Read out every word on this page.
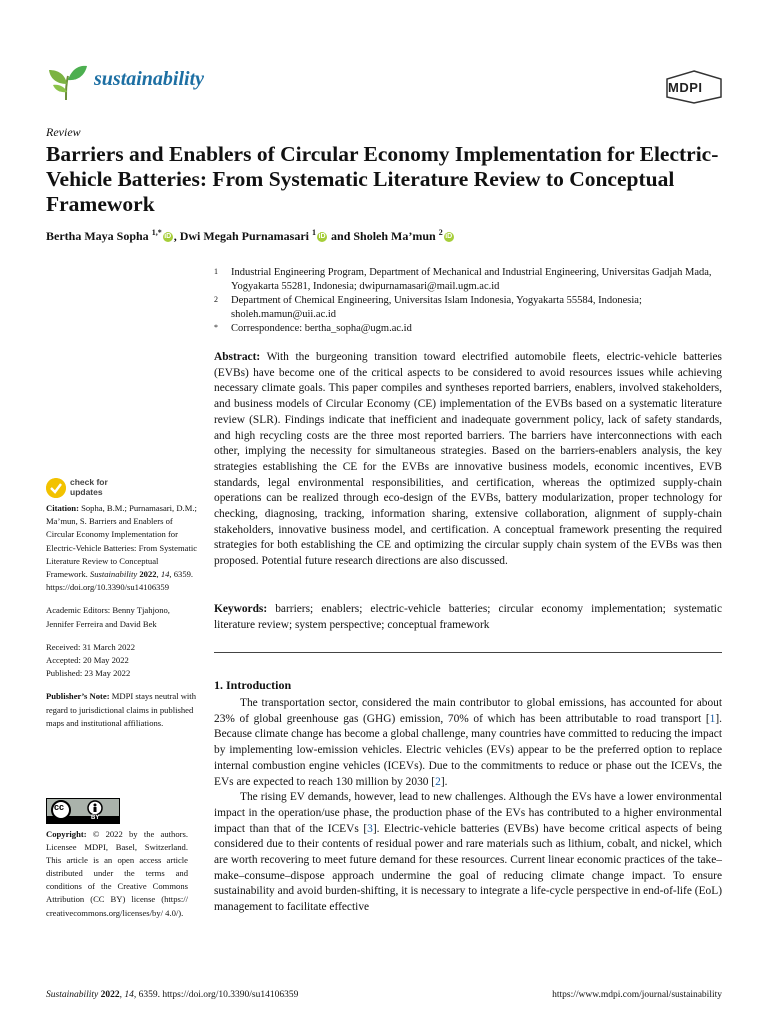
sustainability	MDPI
Review
Barriers and Enablers of Circular Economy Implementation for Electric-Vehicle Batteries: From Systematic Literature Review to Conceptual Framework
Bertha Maya Sopha $^{1,*}$ iD , Dwi Megah Purnamasari $^1$ iD and Sholeh Ma’mun $^2$ iD
1 Industrial Engineering Program, Department of Mechanical and Industrial Engineering, Universitas Gadjah Mada, Yogyakarta 55281, Indonesia; dwipurnamasari@mail.ugm.ac.id
2 Department of Chemical Engineering, Universitas Islam Indonesia, Yogyakarta 55584, Indonesia; sholeh.mamun@uii.ac.id
* Correspondence: bertha_sopha@ugm.ac.id
Abstract: With the burgeoning transition toward electrified automobile fleets, electric-vehicle batteries (EVBs) have become one of the critical aspects to be considered to avoid resources issues while achieving necessary climate goals. This paper compiles and syntheses reported barriers, enablers, involved stakeholders, and business models of Circular Economy (CE) implementation of the EVBs based on a systematic literature review (SLR). Findings indicate that inefficient and inadequate government policy, lack of safety standards, and high recycling costs are the three most reported barriers. The barriers have interconnections with each other, implying the necessity for simultaneous strategies. Based on the barriers-enablers analysis, the key strategies establishing the CE for the EVBs are innovative business models, economic incentives, EVB standards, legal environmental responsibilities, and certification, whereas the optimized supply-chain operations can be realized through eco-design of the EVBs, battery modularization, proper technology for checking, diagnosing, tracking, information sharing, extensive collaboration, alignment of supply-chain stakeholders, innovative business model, and certification. A conceptual framework presenting the required strategies for both establishing the CE and optimizing the circular supply chain system of the EVBs was then proposed. Potential future research directions are also discussed.
Keywords: barriers; enablers; electric-vehicle batteries; circular economy implementation; systematic literature review; system perspective; conceptual framework
check for
updates
Citation: Sopha, B.M.; Purnamasari, D.M.; Ma’mun, S. Barriers and Enablers of Circular Economy Implementation for Electric-Vehicle Batteries: From Systematic Literature Review to Conceptual Framework. Sustainability 2022, 14, 6359. https://doi.org/10.3390/su14106359
Academic Editors: Benny Tjahjono, Jennifer Ferreira and David Bek
Received: 31 March 2022
Accepted: 20 May 2022
Published: 23 May 2022
Publisher’s Note: MDPI stays neutral with regard to jurisdictional claims in published maps and institutional affiliations.
BY
cc
Copyright: © 2022 by the authors. Licensee MDPI, Basel, Switzerland. This article is an open access article distributed under the terms and conditions of the Creative Commons Attribution (CC BY) license (https:// creativecommons.org/licenses/by/ 4.0/).
1. Introduction

The transportation sector, considered the main contributor to global emissions, has accounted for about 23% of global greenhouse gas (GHG) emission, 70% of which has been attributable to road transport [1]. Because climate change has become a global challenge, many countries have committed to reducing the impact by implementing low-emission vehicles. Electric vehicles (EVs) appear to be the preferred option to replace internal combustion engine vehicles (ICEVs). Due to the commitments to reduce or phase out the ICEVs, the EVs are expected to reach 130 million by 2030 [2].

The rising EV demands, however, lead to new challenges. Although the EVs have a lower environmental impact in the operation/use phase, the production phase of the EVs has contributed to a higher environmental impact than that of the ICEVs [3]. Electric-vehicle batteries (EVBs) have become critical aspects of being considered due to their contents of residual power and rare materials such as lithium, cobalt, and nickel, which are worth recovering to meet future demand for these resources. Current linear economic practices of the take–make–consume–dispose approach undermine the goal of reducing climate change impact. To ensure sustainability and avoid burden-shifting, it is necessary to integrate a life-cycle perspective in end-of-life (EoL) management to facilitate effective

Sustainability 2022, 14, 6359. https://doi.org/10.3390/su14106359	https://www.mdpi.com/journal/sustainability
